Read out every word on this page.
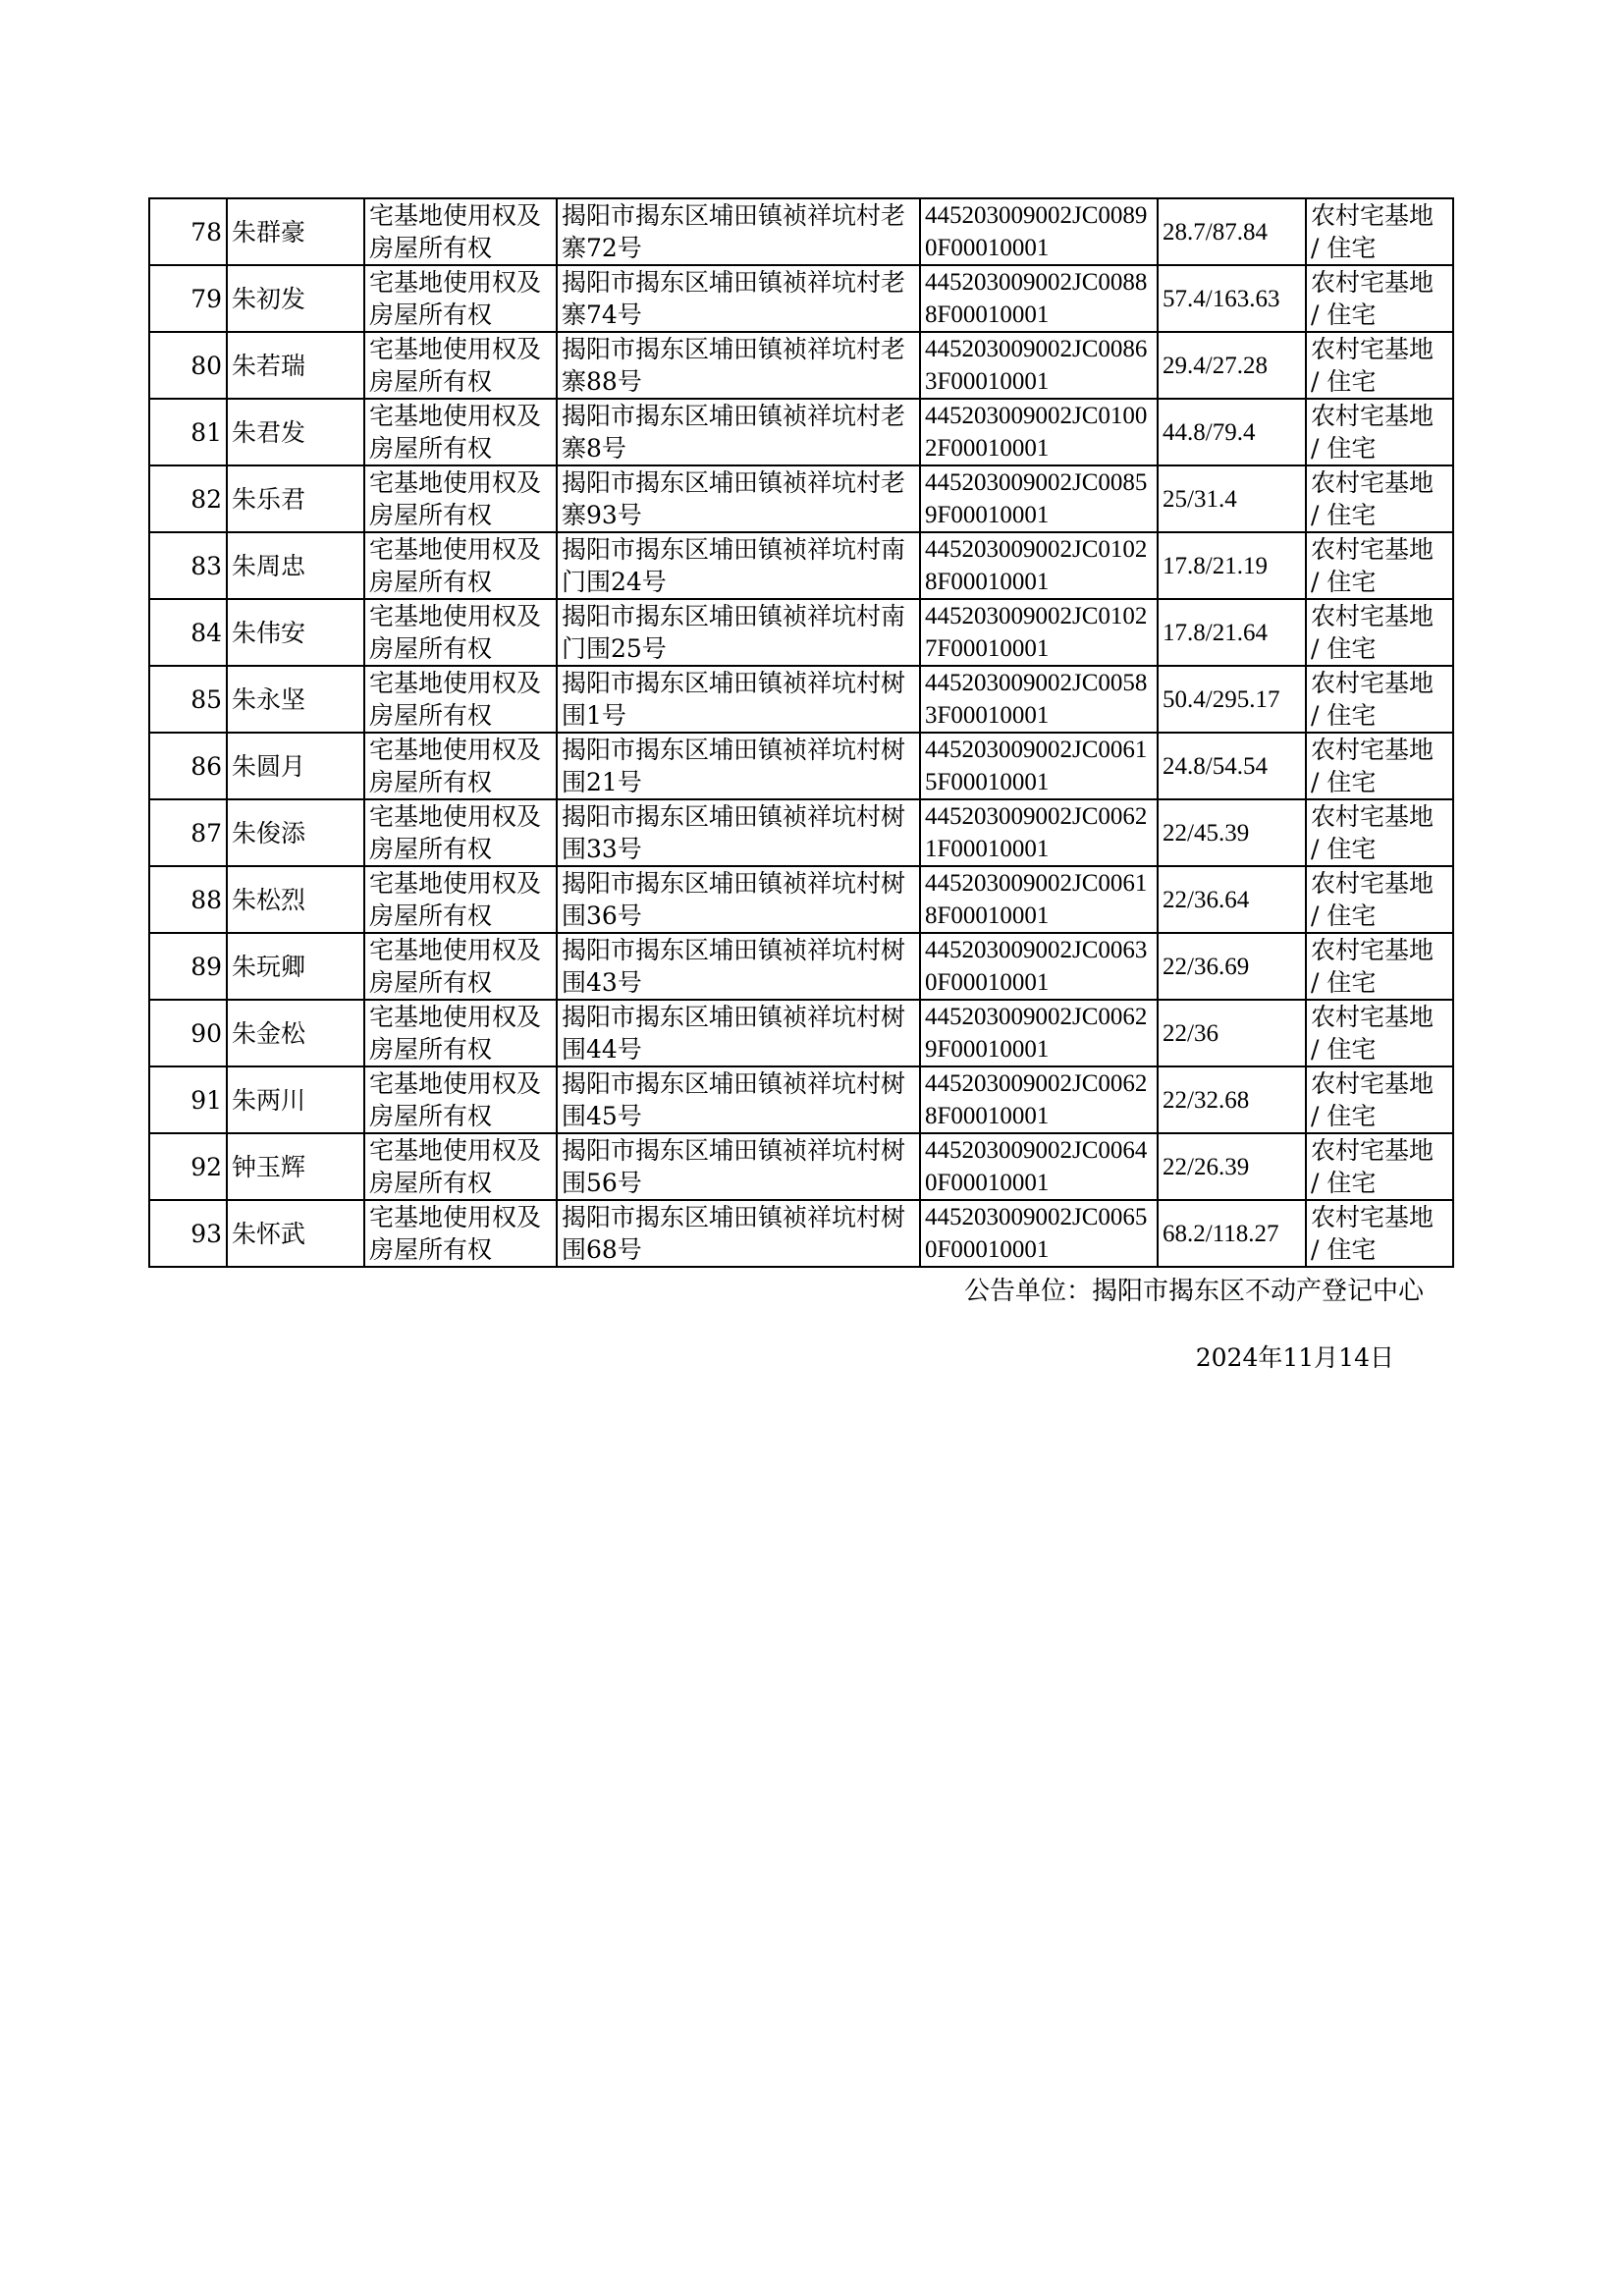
78	朱群豪	宅基地使用权及房屋所有权	揭阳市揭东区埔田镇祯祥坑村老寨72号	445203009002JC00890F00010001	28.7/87.84	农村宅基地 / 住宅
79	朱初发	宅基地使用权及房屋所有权	揭阳市揭东区埔田镇祯祥坑村老寨74号	445203009002JC00888F00010001	57.4/163.63	农村宅基地 / 住宅
80	朱若瑞	宅基地使用权及房屋所有权	揭阳市揭东区埔田镇祯祥坑村老寨88号	445203009002JC00863F00010001	29.4/27.28	农村宅基地 / 住宅
81	朱君发	宅基地使用权及房屋所有权	揭阳市揭东区埔田镇祯祥坑村老寨8号	445203009002JC01002F00010001	44.8/79.4	农村宅基地 / 住宅
82	朱乐君	宅基地使用权及房屋所有权	揭阳市揭东区埔田镇祯祥坑村老寨93号	445203009002JC00859F00010001	25/31.4	农村宅基地 / 住宅
83	朱周忠	宅基地使用权及房屋所有权	揭阳市揭东区埔田镇祯祥坑村南门围24号	445203009002JC01028F00010001	17.8/21.19	农村宅基地 / 住宅
84	朱伟安	宅基地使用权及房屋所有权	揭阳市揭东区埔田镇祯祥坑村南门围25号	445203009002JC01027F00010001	17.8/21.64	农村宅基地 / 住宅
85	朱永坚	宅基地使用权及房屋所有权	揭阳市揭东区埔田镇祯祥坑村树围1号	445203009002JC00583F00010001	50.4/295.17	农村宅基地 / 住宅
86	朱圆月	宅基地使用权及房屋所有权	揭阳市揭东区埔田镇祯祥坑村树围21号	445203009002JC00615F00010001	24.8/54.54	农村宅基地 / 住宅
87	朱俊添	宅基地使用权及房屋所有权	揭阳市揭东区埔田镇祯祥坑村树围33号	445203009002JC00621F00010001	22/45.39	农村宅基地 / 住宅
88	朱松烈	宅基地使用权及房屋所有权	揭阳市揭东区埔田镇祯祥坑村树围36号	445203009002JC00618F00010001	22/36.64	农村宅基地 / 住宅
89	朱玩卿	宅基地使用权及房屋所有权	揭阳市揭东区埔田镇祯祥坑村树围43号	445203009002JC00630F00010001	22/36.69	农村宅基地 / 住宅
90	朱金松	宅基地使用权及房屋所有权	揭阳市揭东区埔田镇祯祥坑村树围44号	445203009002JC00629F00010001	22/36	农村宅基地 / 住宅
91	朱两川	宅基地使用权及房屋所有权	揭阳市揭东区埔田镇祯祥坑村树围45号	445203009002JC00628F00010001	22/32.68	农村宅基地 / 住宅
92	钟玉辉	宅基地使用权及房屋所有权	揭阳市揭东区埔田镇祯祥坑村树围56号	445203009002JC00640F00010001	22/26.39	农村宅基地 / 住宅
93	朱怀武	宅基地使用权及房屋所有权	揭阳市揭东区埔田镇祯祥坑村树围68号	445203009002JC00650F00010001	68.2/118.27	农村宅基地 / 住宅
公告单位：揭阳市揭东区不动产登记中心
2024年11月14日
